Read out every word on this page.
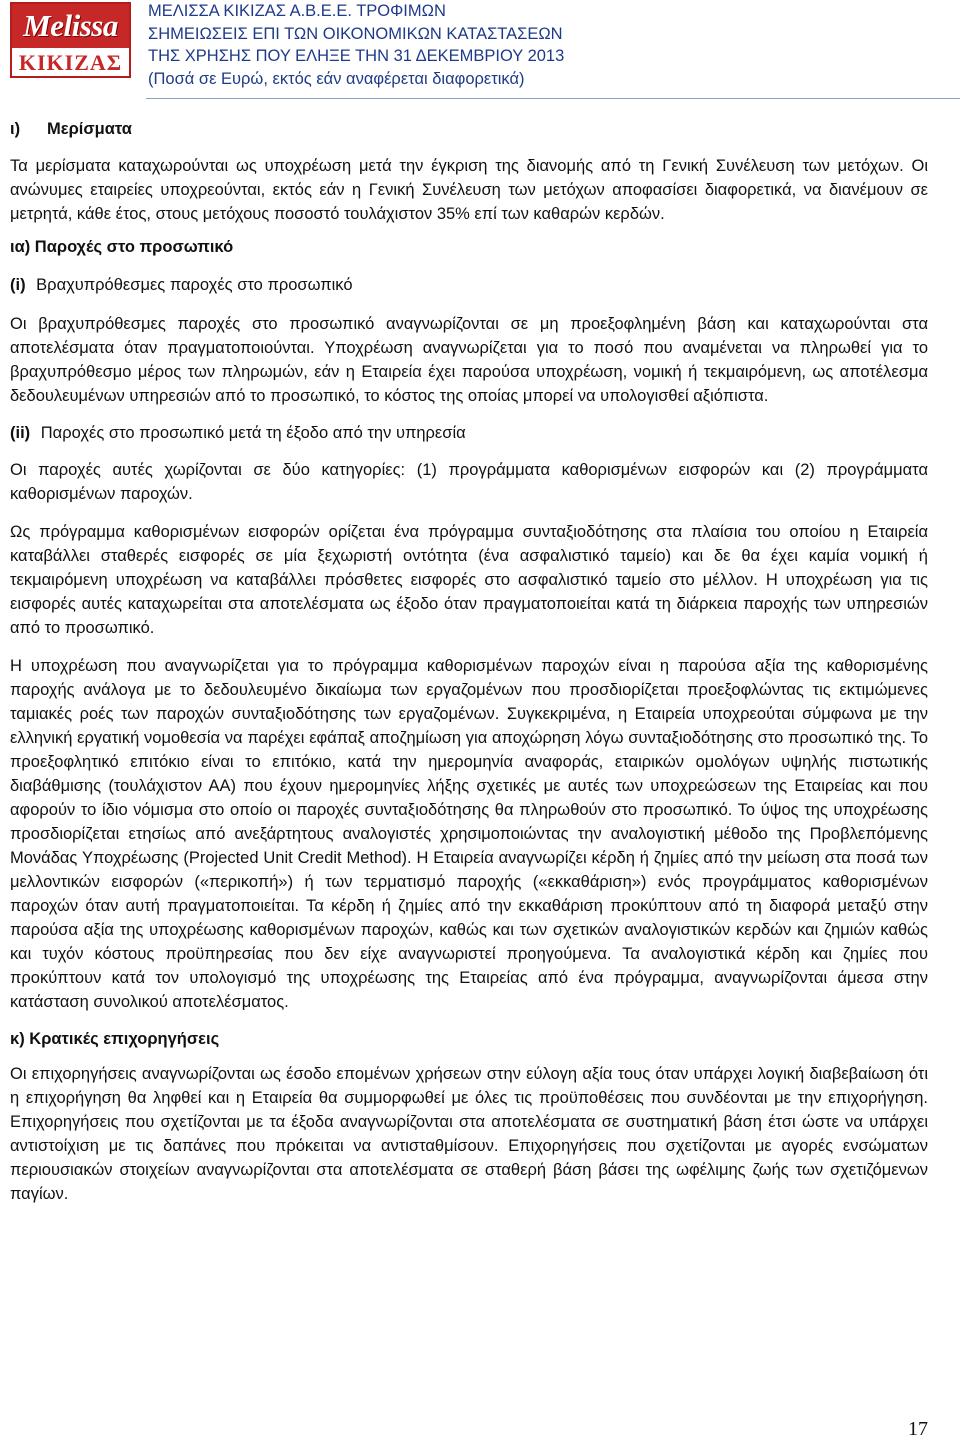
Melissa
ΚΙΚΙΖΑΣ
ΜΕΛΙΣΣΑ ΚΙΚΙΖΑΣ Α.Β.Ε.Ε. ΤΡΟΦΙΜΩΝ
ΣΗΜΕΙΩΣΕΙΣ ΕΠΙ ΤΩΝ ΟΙΚΟΝΟΜΙΚΩΝ ΚΑΤΑΣΤΑΣΕΩΝ
ΤΗΣ ΧΡΗΣΗΣ ΠΟΥ ΕΛΗΞΕ ΤΗΝ 31 ΔΕΚΕΜΒΡΙΟΥ 2013
(Ποσά σε Ευρώ, εκτός εάν αναφέρεται διαφορετικά)
ι) Μερίσματα

Τα μερίσματα καταχωρούνται ως υποχρέωση μετά την έγκριση της διανομής από τη Γενική Συνέλευση των μετόχων. Οι ανώνυμες εταιρείες υποχρεούνται, εκτός εάν η Γενική Συνέλευση των μετόχων αποφασίσει διαφορετικά, να διανέμουν σε μετρητά, κάθε έτος, στους μετόχους ποσοστό τουλάχιστον 35% επί των καθαρών κερδών.

ια) Παροχές στο προσωπικό
(i) Βραχυπρόθεσμες παροχές στο προσωπικό

Οι βραχυπρόθεσμες παροχές στο προσωπικό αναγνωρίζονται σε μη προεξοφλημένη βάση και καταχωρούνται στα αποτελέσματα όταν πραγματοποιούνται. Υποχρέωση αναγνωρίζεται για το ποσό που αναμένεται να πληρωθεί για το βραχυπρόθεσμο μέρος των πληρωμών, εάν η Εταιρεία έχει παρούσα υποχρέωση, νομική ή τεκμαιρόμενη, ως αποτέλεσμα δεδουλευμένων υπηρεσιών από το προσωπικό, το κόστος της οποίας μπορεί να υπολογισθεί αξιόπιστα.

(ii) Παροχές στο προσωπικό μετά τη έξοδο από την υπηρεσία

Οι παροχές αυτές χωρίζονται σε δύο κατηγορίες: (1) προγράμματα καθορισμένων εισφορών και (2) προγράμματα καθορισμένων παροχών.

Ως πρόγραμμα καθορισμένων εισφορών ορίζεται ένα πρόγραμμα συνταξιοδότησης στα πλαίσια του οποίου η Εταιρεία καταβάλλει σταθερές εισφορές σε μία ξεχωριστή οντότητα (ένα ασφαλιστικό ταμείο) και δε θα έχει καμία νομική ή τεκμαιρόμενη υποχρέωση να καταβάλλει πρόσθετες εισφορές στο ασφαλιστικό ταμείο στο μέλλον. Η υποχρέωση για τις εισφορές αυτές καταχωρείται στα αποτελέσματα ως έξοδο όταν πραγματοποιείται κατά τη διάρκεια παροχής των υπηρεσιών από το προσωπικό.

Η υποχρέωση που αναγνωρίζεται για το πρόγραμμα καθορισμένων παροχών είναι η παρούσα αξία της καθορισμένης παροχής ανάλογα με το δεδουλευμένο δικαίωμα των εργαζομένων που προσδιορίζεται προεξοφλώντας τις εκτιμώμενες ταμιακές ροές των παροχών συνταξιοδότησης των εργαζομένων. Συγκεκριμένα, η Εταιρεία υποχρεούται σύμφωνα με την ελληνική εργατική νομοθεσία να παρέχει εφάπαξ αποζημίωση για αποχώρηση λόγω συνταξιοδότησης στο προσωπικό της. Το προεξοφλητικό επιτόκιο είναι το επιτόκιο, κατά την ημερομηνία αναφοράς, εταιρικών ομολόγων υψηλής πιστωτικής διαβάθμισης (τουλάχιστον ΑΑ) που έχουν ημερομηνίες λήξης σχετικές με αυτές των υποχρεώσεων της Εταιρείας και που αφορούν το ίδιο νόμισμα στο οποίο οι παροχές συνταξιοδότησης θα πληρωθούν στο προσωπικό. Το ύψος της υποχρέωσης προσδιορίζεται ετησίως από ανεξάρτητους αναλογιστές χρησιμοποιώντας την αναλογιστική μέθοδο της Προβλεπόμενης Μονάδας Υποχρέωσης (Projected Unit Credit Method). Η Εταιρεία αναγνωρίζει κέρδη ή ζημίες από την μείωση στα ποσά των μελλοντικών εισφορών («περικοπή») ή των τερματισμό παροχής («εκκαθάριση») ενός προγράμματος καθορισμένων παροχών όταν αυτή πραγματοποιείται. Τα κέρδη ή ζημίες από την εκκαθάριση προκύπτουν από τη διαφορά μεταξύ στην παρούσα αξία της υποχρέωσης καθορισμένων παροχών, καθώς και των σχετικών αναλογιστικών κερδών και ζημιών καθώς και τυχόν κόστους προϋπηρεσίας που δεν είχε αναγνωριστεί προηγούμενα. Τα αναλογιστικά κέρδη και ζημίες που προκύπτουν κατά τον υπολογισμό της υποχρέωσης της Εταιρείας από ένα πρόγραμμα, αναγνωρίζονται άμεσα στην κατάσταση συνολικού αποτελέσματος.

κ) Κρατικές επιχορηγήσεις

Οι επιχορηγήσεις αναγνωρίζονται ως έσοδο επομένων χρήσεων στην εύλογη αξία τους όταν υπάρχει λογική διαβεβαίωση ότι η επιχορήγηση θα ληφθεί και η Εταιρεία θα συμμορφωθεί με όλες τις προϋποθέσεις που συνδέονται με την επιχορήγηση. Επιχορηγήσεις που σχετίζονται με τα έξοδα αναγνωρίζονται στα αποτελέσματα σε συστηματική βάση έτσι ώστε να υπάρχει αντιστοίχιση με τις δαπάνες που πρόκειται να αντισταθμίσουν. Επιχορηγήσεις που σχετίζονται με αγορές ενσώματων περιουσιακών στοιχείων αναγνωρίζονται στα αποτελέσματα σε σταθερή βάση βάσει της ωφέλιμης ζωής των σχετιζόμενων παγίων.

17
